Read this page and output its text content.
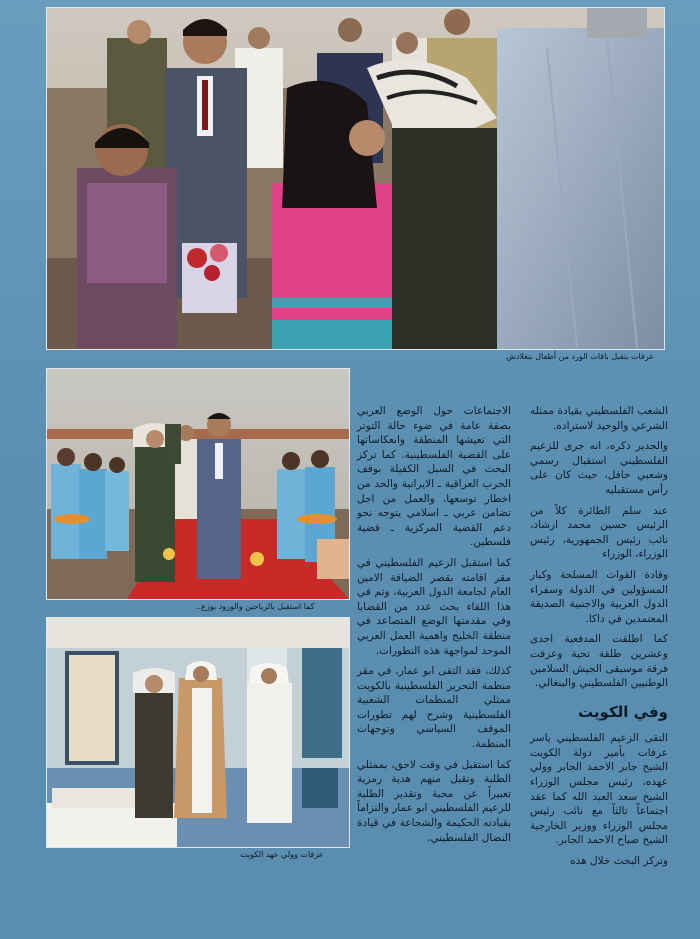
عرفات يتقبل باقات الورد من أطفال بنغلادش
كما استقبل بالرياحين والورود يوزع..
عرفات وولي عهد الكويت

الاجتماعات حول الوضع العربي بصفة عامة في ضوء حالة التوتر التي تعيشها المنطقة وانعكاساتها على القضية الفلسطينية. كما تركز البحث في السبل الكفيلة بوقف الحرب العراقية ـ الايرانية والحد من اخطار توسعها، والعمل من اجل تضامن عربي ـ اسلامي يتوجه نحو دعم القضية المركزية ـ قضية فلسطين.

كما استقبل الزعيم الفلسطيني في مقر اقامته بقصر الضيافة الامين العام لجامعة الدول العربية، وتم في هذا اللقاء بحث عدد من القضايا وفي مقدمتها الوضع المتصاعد في منطقة الخليج واهمية العمل العربي الموحد لمواجهة هذه التطورات.

كذلك، فقد التقى ابو عمار، في مقر منظمة التحرير الفلسطينية بالكويت ممثلي المنظمات الشعبية الفلسطينية وشرح لهم تطورات الموقف السياسي وتوجهات المنظمة.

كما استقبل في وقت لاحق، بممثلي الطلبة وتقبل منهم هدية رمزية تعبيراً عن محبة وتقدير الطلبة للزعيم الفلسطيني ابو عمار والتزاماً بقيادته الحكيمة والشجاعة في قيادة النضال الفلسطيني.

الشعب الفلسطيني بقيادة ممثله الشرعي والوحيد لاستراده.

والجدير ذكره، انه جرى للزعيم الفلسطيني استقبال رسمي وشعبي حافل، حيث كان على رأس مستقبليه

عند سلم الطائرة كلاً من الرئيس حسين محمد ارشاد، نائب رئيس الجمهورية، رئيس الوزراء، الوزراء

وقادة القوات المسلحة وكبار المسؤولين في الدولة وسفراء الدول العربية والاجنبية الصديقة المعتمدين في داكا.

كما اطلقت المدفعية احدى وعشرين طلقة تحية وعزفت فرقة موسيقى الجيش السلامين الوطنيين الفلسطيني والبنغالي.

وفي الكويت

التقى الزعيم الفلسطيني ياسر عرفات بأمير دولة الكويت الشيخ جابر الاحمد الجابر وولي عهده، رئيس مجلس الوزراء الشيخ سعد العبد الله كما عقد اجتماعاً ثالثاً مع نائب رئيس مجلس الوزراء ووزير الخارجية الشيخ صباح الاحمد الجابر.

وتركز البحث خلال هذه
